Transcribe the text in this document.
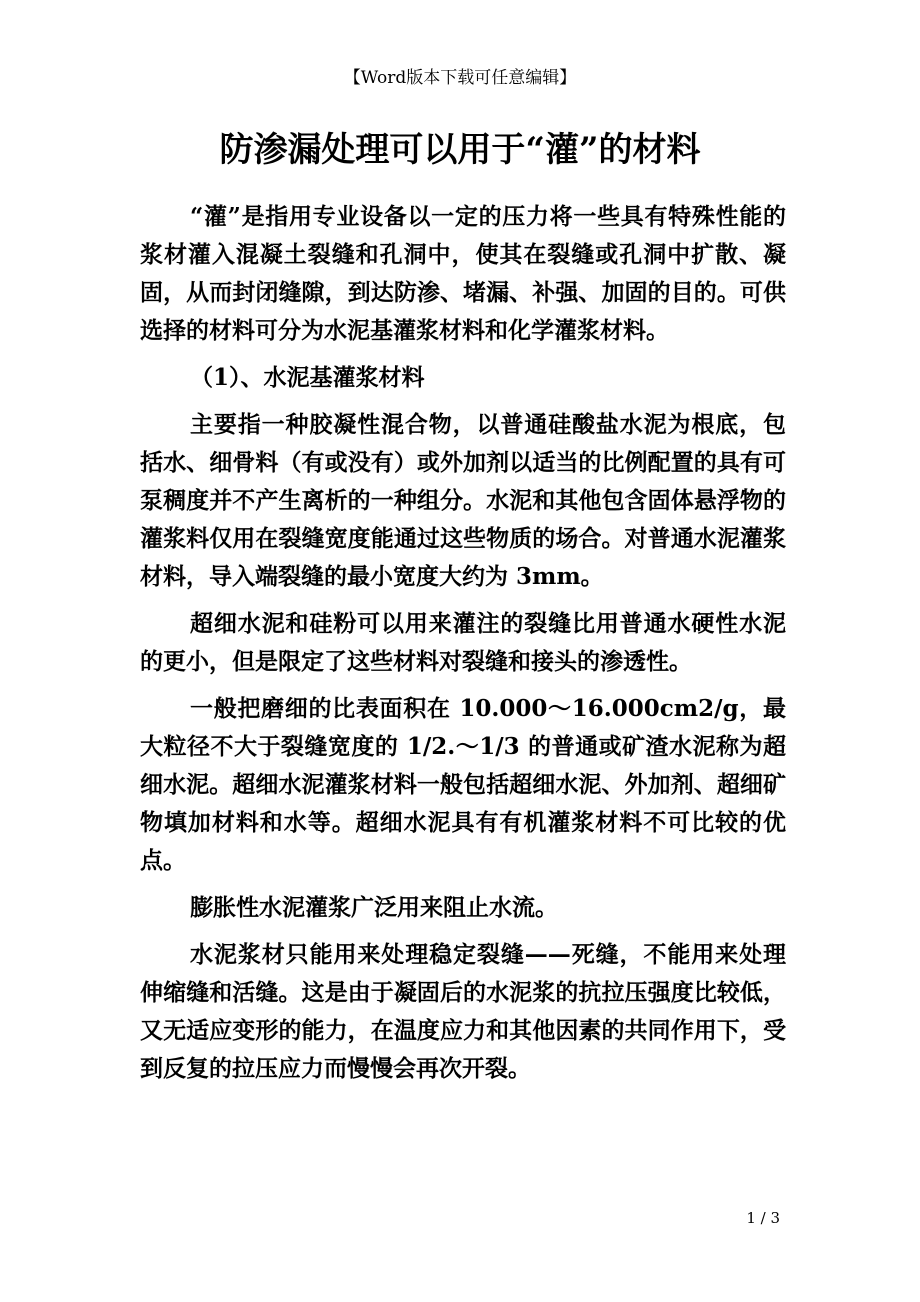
【Word版本下载可任意编辑】
防渗漏处理可以用于“灌”的材料

“灌”是指用专业设备以一定的压力将一些具有特殊性能的浆材灌入混凝土裂缝和孔洞中，使其在裂缝或孔洞中扩散、凝固，从而封闭缝隙，到达防渗、堵漏、补强、加固的目的。可供选择的材料可分为水泥基灌浆材料和化学灌浆材料。

（1）、水泥基灌浆材料

主要指一种胶凝性混合物，以普通硅酸盐水泥为根底，包括水、细骨料（有或没有）或外加剂以适当的比例配置的具有可泵稠度并不产生离析的一种组分。水泥和其他包含固体悬浮物的灌浆料仅用在裂缝宽度能通过这些物质的场合。对普通水泥灌浆材料，导入端裂缝的最小宽度大约为 3mm。

超细水泥和硅粉可以用来灌注的裂缝比用普通水硬性水泥的更小，但是限定了这些材料对裂缝和接头的渗透性。

一般把磨细的比表面积在 10.000～16.000cm2/g，最大粒径不大于裂缝宽度的 1/2.～1/3 的普通或矿渣水泥称为超细水泥。超细水泥灌浆材料一般包括超细水泥、外加剂、超细矿物填加材料和水等。超细水泥具有有机灌浆材料不可比较的优点。

膨胀性水泥灌浆广泛用来阻止水流。

水泥浆材只能用来处理稳定裂缝——死缝，不能用来处理伸缩缝和活缝。这是由于凝固后的水泥浆的抗拉压强度比较低，又无适应变形的能力，在温度应力和其他因素的共同作用下，受到反复的拉压应力而慢慢会再次开裂。

1 / 3
